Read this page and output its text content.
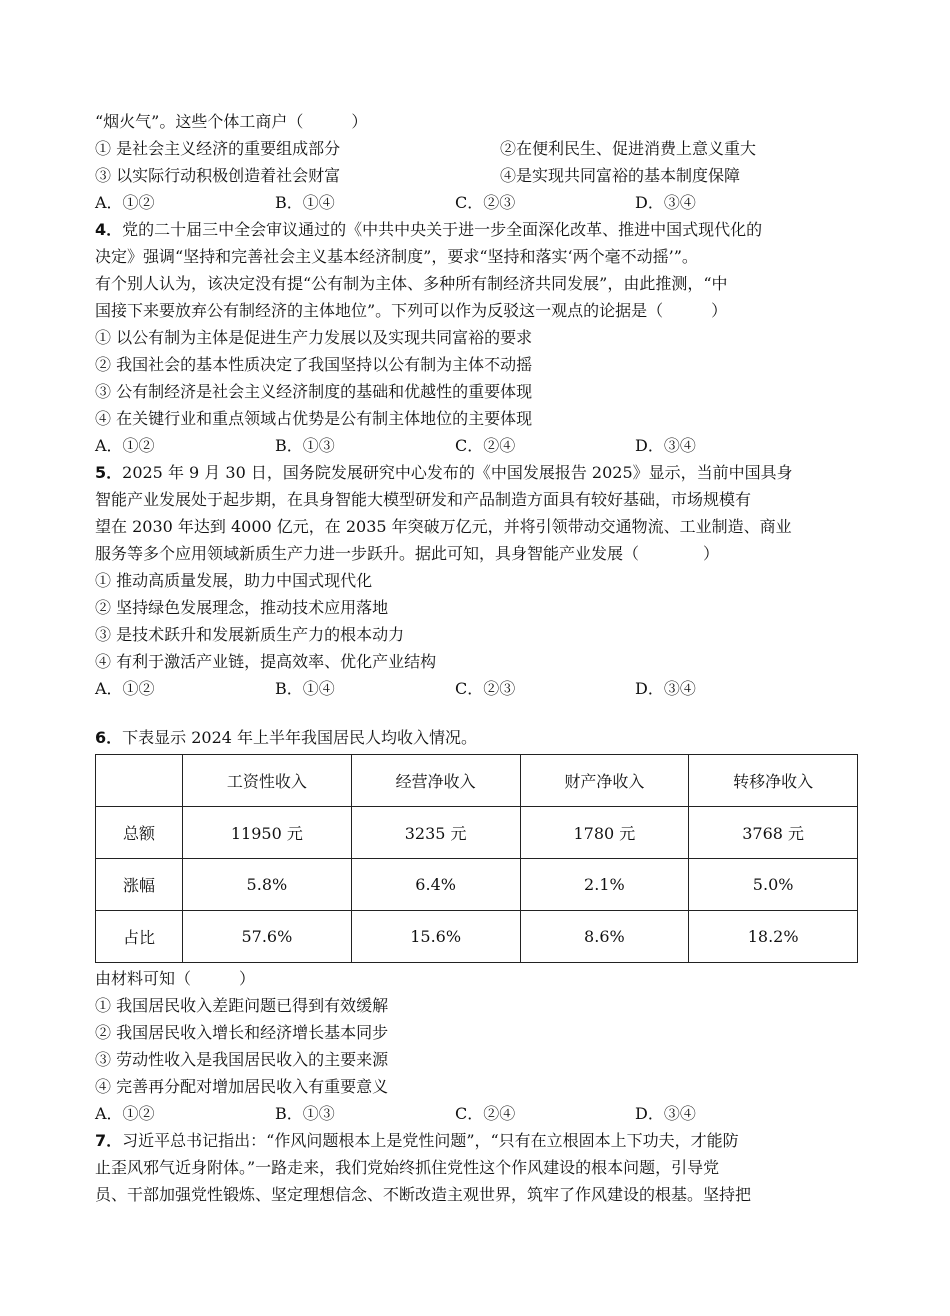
“烟火气”。这些个体工商户（　　　）
① 是社会主义经济的重要组成部分	②在便利民生、促进消费上意义重大
③ 以实际行动积极创造着社会财富	④是实现共同富裕的基本制度保障
A．①②	B．①④	C．②③	D．③④
4．党的二十届三中全会审议通过的《中共中央关于进一步全面深化改革、推进中国式现代化的
决定》强调“坚持和完善社会主义基本经济制度”，要求“坚持和落实‘两个毫不动摇’”。
有个别人认为，该决定没有提“公有制为主体、多种所有制经济共同发展”，由此推测，“中
国接下来要放弃公有制经济的主体地位”。下列可以作为反驳这一观点的论据是（　　　）
① 以公有制为主体是促进生产力发展以及实现共同富裕的要求
② 我国社会的基本性质决定了我国坚持以公有制为主体不动摇
③ 公有制经济是社会主义经济制度的基础和优越性的重要体现
④ 在关键行业和重点领域占优势是公有制主体地位的主要体现
A．①②	B．①③	C．②④	D．③④
5．2025 年 9 月 30 日，国务院发展研究中心发布的《中国发展报告 2025》显示，当前中国具身
智能产业发展处于起步期，在具身智能大模型研发和产品制造方面具有较好基础，市场规模有
望在 2030 年达到 4000 亿元，在 2035 年突破万亿元，并将引领带动交通物流、工业制造、商业
服务等多个应用领域新质生产力进一步跃升。据此可知，具身智能产业发展（　　　　）
① 推动高质量发展，助力中国式现代化
② 坚持绿色发展理念，推动技术应用落地
③ 是技术跃升和发展新质生产力的根本动力
④ 有利于激活产业链，提高效率、优化产业结构
A．①②	B．①④	C．②③	D．③④
6．下表显示 2024 年上半年我国居民人均收入情况。
	工资性收入	经营净收入	财产净收入	转移净收入
总额	11950 元	3235 元	1780 元	3768 元
涨幅	5.8%	6.4%	2.1%	5.0%
占比	57.6%	15.6%	8.6%	18.2%
由材料可知（　　　）
① 我国居民收入差距问题已得到有效缓解
② 我国居民收入增长和经济增长基本同步
③ 劳动性收入是我国居民收入的主要来源
④ 完善再分配对增加居民收入有重要意义
A．①②	B．①③	C．②④	D．③④
7．习近平总书记指出：“作风问题根本上是党性问题”，“只有在立根固本上下功夫，才能防
止歪风邪气近身附体。”一路走来，我们党始终抓住党性这个作风建设的根本问题，引导党
员、干部加强党性锻炼、坚定理想信念、不断改造主观世界，筑牢了作风建设的根基。坚持把
